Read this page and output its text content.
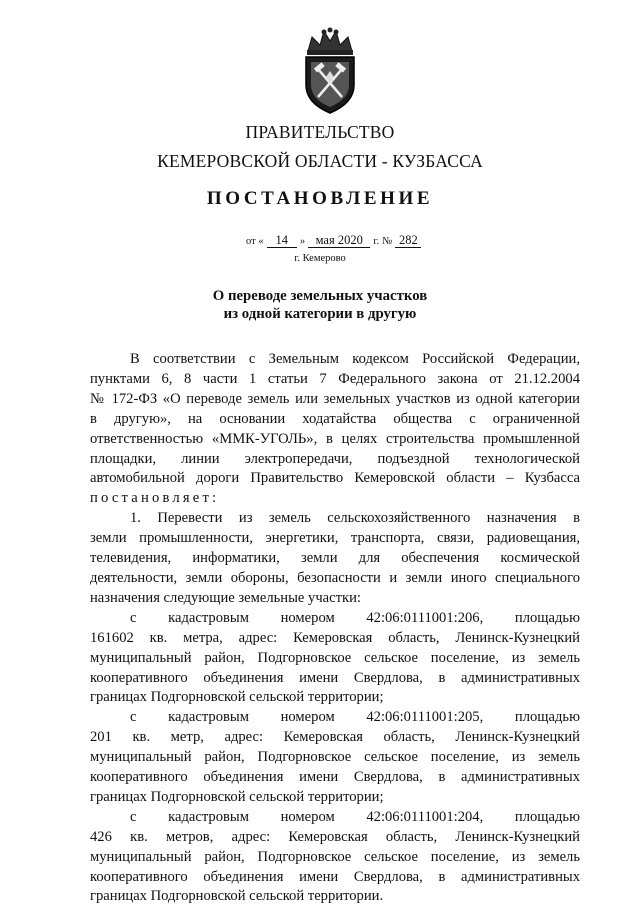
ПРАВИТЕЛЬСТВО
КЕМЕРОВСКОЙ ОБЛАСТИ - КУЗБАССА
ПОСТАНОВЛЕНИЕ
от « 14 » мая 2020 г. № 282
г. Кемерово
О переводе земельных участков
из одной категории в другую

В соответствии с Земельным кодексом Российской Федерации,

пунктами 6, 8 части 1 статьи 7 Федерального закона от 21.12.2004

№ 172-ФЗ «О переводе земель или земельных участков из одной категории

в другую», на основании ходатайства общества с ограниченной

ответственностью «ММК-УГОЛЬ», в целях строительства промышленной

площадки, линии электропередачи, подъездной технологической

автомобильной дороги Правительство Кемеровской области – Кузбасса

постановляет:

1. Перевести из земель сельскохозяйственного назначения в

земли промышленности, энергетики, транспорта, связи, радиовещания,

телевидения, информатики, земли для обеспечения космической

деятельности, земли обороны, безопасности и земли иного специального

назначения следующие земельные участки:

с кадастровым номером 42:06:0111001:206, площадью

161602 кв. метра, адрес: Кемеровская область, Ленинск-Кузнецкий

муниципальный район, Подгорновское сельское поселение, из земель

кооперативного объединения имени Свердлова, в административных

границах Подгорновской сельской территории;

с кадастровым номером 42:06:0111001:205, площадью

201 кв. метр, адрес: Кемеровская область, Ленинск-Кузнецкий

муниципальный район, Подгорновское сельское поселение, из земель

кооперативного объединения имени Свердлова, в административных

границах Подгорновской сельской территории;

с кадастровым номером 42:06:0111001:204, площадью

426 кв. метров, адрес: Кемеровская область, Ленинск-Кузнецкий

муниципальный район, Подгорновское сельское поселение, из земель

кооперативного объединения имени Свердлова, в административных

границах Подгорновской сельской территории.
